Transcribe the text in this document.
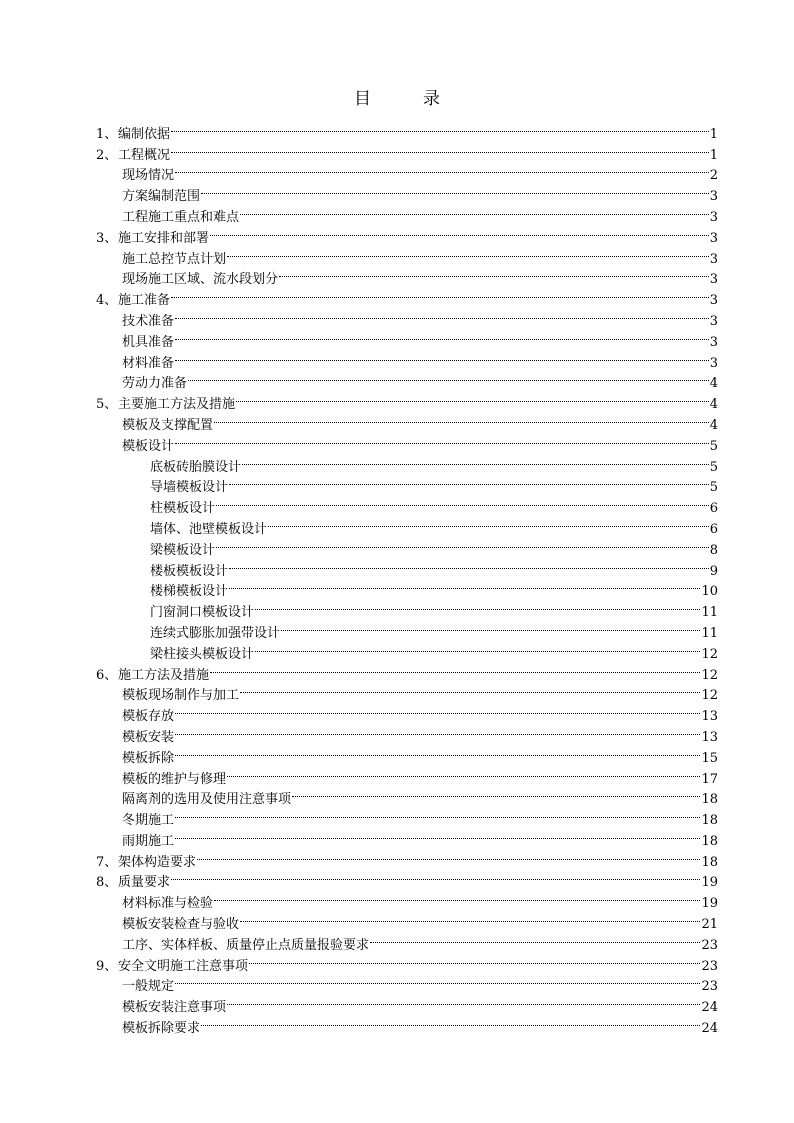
目	录
1、 编制依据	1
2、 工程概况	1
现场情况	2
方案编制范围	3
工程施工重点和难点	3
3、 施工安排和部署	3
施工总控节点计划	3
现场施工区域、流水段划分	3
4、 施工准备	3
技术准备	3
机具准备	3
材料准备	3
劳动力准备	4
5、 主要施工方法及措施	4
模板及支撑配置	4
模板设计	5
底板砖胎膜设计	5
导墙模板设计	5
柱模板设计	6
墙体、池壁模板设计	6
梁模板设计	8
楼板模板设计	9
楼梯模板设计	10
门窗洞口模板设计	11
连续式膨胀加强带设计	11
梁柱接头模板设计	12
6、 施工方法及措施	12
模板现场制作与加工	12
模板存放	13
模板安装	13
模板拆除	15
模板的维护与修理	17
隔离剂的选用及使用注意事项	18
冬期施工	18
雨期施工	18
7、 架体构造要求	18
8、 质量要求	19
材料标准与检验	19
模板安装检查与验收	21
工序、实体样板、质量停止点质量报验要求	23
9、 安全文明施工注意事项	23
一般规定	23
模板安装注意事项	24
模板拆除要求	24
